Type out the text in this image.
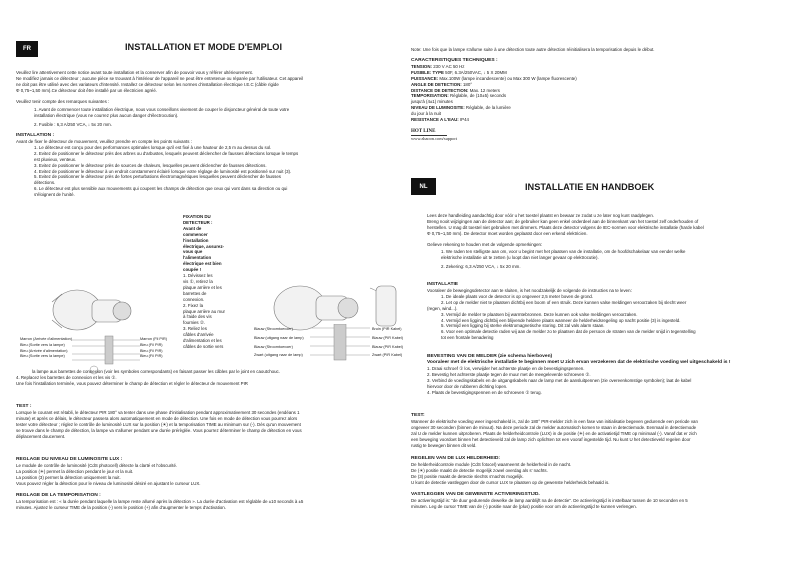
FR	INSTALLATION ET MODE D'EMPLOI
Veuillez lire attentivement cette notice avant toute installation et la conserver afin de pouvoir vous y référer ultérieurement.
Ne modifiez jamais ce détecteur ; aucune pièce se trouvant à l'intérieur de l'appareil ne peut être entretenue ou réparée par l'utilisateur. Cet appareil
ne doit pas être utilisé avec des variateurs d'intensité. Installez ce détecteur selon les normes d'installation électrique I.E.C (câble rigide
Φ 0,75~1,50 mm).Ce détecteur doit être installé par un électricien agréé.
Veuillez tenir compte des remarques suivantes :
1. Avant de commencer toute installation électrique, nous vous conseillons vivement de couper le disjoncteur général de toute votre
installation électrique (vous ne courrez plus aucun danger d'électrocution).
2. Fusible : 6,3 A/250 VCA, ↓ 5x 20 mm.
INSTALLATION :
Avant de fixer le détecteur de mouvement, veuillez prendre en compte les points suivants :
1. Le détecteur est conçu pour des performances optimales lorsque qu'il est fixé à une hauteur de 2,5 m au dessus du sol.
2. Evitez de positionner le détecteur près des arbres ou d'arbustes, lesquels peuvent déclencher de fausses détections lorsque le temps
est pluvieux, venteux.
3. Evitez de positionner le détecteur près de sources de chaleurs, lesquelles peuvent déclencher de fausses détections.
4. Evitez de positionner le détecteur à un endroit constamment éclairé lorsque votre réglage de luminosité est positionné sur nuit (3).
5. Evitez de positionner le détecteur près de fortes perturbations électromagnétiques lesquelles peuvent déclencher de fausses
détections.
6. Le détecteur est plus sensible aux mouvements qui coupent les champs de détection que ceux qui vont dans sa direction ou qui
s'éloignent de l'unité.
FIXATION DU
DETECTEUR :
Avant de
commencer
l'installation
électrique, assurez-
vous que
l'alimentation
électrique est bien
coupée !
1. Dévissez les
vis ①, retirez la
plaque arrière et les
barrettes de
connexion.
2. Fixez la
plaque arrière au mur
à l'aide des vis
fournies ②.
3. Reliez les
câbles d'arrivée
d'alimentation et les
câbles de sortie vers
Marron (Arrivée d'alimentation)
Bleu (Sortie vers la lampe)
Bleu (Arrivée d'alimentation)
Bleu (Sortie vers la lampe)
Marron (Fil PIR)
Bleu (Fil PIR)
Bleu (Fil PIR)
Bleu (Fil PIR)
Blauw (Stroomtoevoer)
Blauw (uitgang naar de lamp)
Blauw (Stroomtoevoer)
Zwart (uitgang naar de lamp)
Bruin (PIR Kabel)
Blauw (PIR Kabel)
Blauw (PIR Kabel)
Zwart (PIR Kabel)
la lampe aux barrettes de connexion (voir les symboles correspondants) en faisant passer les câbles par le joint en caoutchouc.
4. Replacez les barrettes de connexion et les vis ①.
Une fois l'installation terminée, vous pouvez déterminer le champ de détection et régler le détecteur de mouvement PIR
TEST :
Lorsque le courant est rétabli, le détecteur PIR 180° va tenter dans une phase d'initialisation pendant approximativement 30 secondes (endéans 1
minute) et après ce délais, le détecteur passera alors automatiquement en mode de détection. Une fois en mode de détection vous pourrez alors
tester votre détecteur ; réglez le contrôle de luminosité LUX sur la position (☀) et la temporisation TIME au minimum sur (-). Dès qu'un mouvement
se trouve dans le champ de détection, la lampe va s'allumer pendant une durée prérèglée. Vous pourrez déterminer le champ de détection en vous
déplacement doucement.
REGLAGE DU NIVEAU DE LUMINOSITE LUX :
Le module de contrôle de luminosité (CdS photocell) détecte la clarté et l'obscurité.
La position (☀) permet la détection pendant le jour et la nuit.
La position (3) permet la détection uniquement la nuit.
Vous pouvez régler la détection pour le niveau de luminosité désiré en ajustant le curseur LUX.
REGLAGE DE LA TEMPORISATION :
La temporisation est : « la durée pendant laquelle la lampe reste allumé après la détection ». La durée d'activation est réglable de ±10 seconds à ±5
minutes. Ajustez le curseur TIME de la position (-) vers le position (+) afin d'augmenter le temps d'activation.
Note: Une fois que la lampe s'allume suite à une détection toute autre détection réinitialisera la temporisation depuis le début.
CARACTERISTIQUES TECHNIQUES :
TENSION: 230 V AC 50 Hz
FUSIBLE: TYPE 50F, 6.3A/250VAC, ↓ 5 X 20MM
PUISSANCE: Max.100W (lampe incandescente) ou Max 300 W (lampe fluorescente)
ANGLE DE DETECTION: 180°
DISTANCE DE DETECTION: Max. 12 meters
TEMPORISATION: Réglable, de (10±5) seconds
jusqu'à (4±1) minutes
NIVEAU DE LUMINOSITE: Réglable, de la lumière
du jour à la nuit
RESISTANCE A L'EAU: IP44
HOT LINE
www.zhaoon.com/support
NL	INSTALLATIE EN HANDBOEK
Lees deze handleiding aandachtig door vóór u het toestel plaatst en bewaar ze zodat u ze later nog kunt raadplegen.
Breng nooit wijzigingen aan de detector aan; de gebruiker kan geen enkel onderdeel aan de binnenkant van het toestel zelf onderhouden of
herstellen. U mag dit toestel niet gebruiken met dimmers. Plaats deze detector volgens de IEC-normen voor elektrische installatie (harde kabel
Φ 0,75~1,50 mm). De detector moet worden geplaatst door een erkend elektricien.
Gelieve rekening te houden met de volgende opmerkingen:
1. We raden ten stelligste aan om, voor u begint met het plaatsen van de installatie, om de hoofdschakelaar van eender welke
elektrische installatie uit te zetten (u loopt dan niet langer gevaar op elektrocutie).
2. Zekering: 6,3 A/250 VCA, ↓ 5x 20 mm.
INSTALLATIE
Vooraleer de bewegingsdetector aan te sluiten, is het noodzakelijk de volgende de instructies na te leven:
1. De ideale plaats voor de detector is op ongeveer 2,5 meter boven de grond.
2. Let op de melder niet te plaatsen dichtbij een boom of een struik. Deze kunnen valse meldingen veroorzaken bij slecht weer
(regen, wind...).
3. Vermijd de melder te plaatsen bij warmtebronnen. Deze kunnen ook valse meldingen veroorzaken.
4. Vermijd een ligging dichtbij een blijvende heldere plaats wanneer de helderheidsregeling op nacht positie (3) is ingesteld.
5. Vermijd een ligging bij sterke elektromagnetische storing. Dit zal vals alarm staan.
6. Voor een optimale detectie raden wij aan de melder zo te plaatsen dat de persoon de straten van de melder snijd in tegenstelling
tot een frontale benadering
BEVESTING VAN DE MELDER (zie schema hierboven)
Vooraleer met de elektrische installatie te beginnen moet U zich ervan verzekeren dat de elektrische voeding wel uitgeschakeld is !
1. Draai schroef ① los, verwijder het achterste plaatje en de bevestigingspennen.
2. Bevestig het achterste plaatje tegen de muur met de meegeleverde schroeven ②.
3. Verbind de voedingskabels en de uitgangskabels naar de lamp met de aansluitpennen (zie overeenkomstige symbolen); laat de kabel
hiervoor door de rubberen dichting lopen.
4. Plaats de bevestigingspennen en de schroeven ① terug.
TEST:
Wanneer de elektrische voeding weer ingeschakeld is, zal de 180° PIR-melder zich in een fase van initialisatie begeven gedurende een periode van
ongeveer 30 seconden (binnen de minuut). Na deze periode zal de melder automatisch komen te staan in detectiemode. Eenmaal in detectiemode
zal U de melder kunnen uitproberen. Plaats de helderheidcontrole (LUX) in de positie (☀) en de activatietijd TIME op minimaal (-). Vanaf dat er zich
een beweging voordoet binnen het detectieveld zal de lamp zich oplichten tot een vooraf ingestelde tijd. Nu kunt U het detectieveld regelen door
rustig te bewegen binnen dit veld.
REGELEN VAN DE LUX HELDERHEID:
De helderheidcontrole module (CdS fotocel) waarneemt de helderheid in de nacht.
De (☀) positie maakt de detectie mogelijk zowel overdag als s' nachts.
De (3) positie maakt de detectie slechts s'nachts mogelijk.
U kunt de detectie vastleggen door de cursor LUX te plaatsen op de gewenste helderheids behaald is.
VASTLEGGEN VAN DE GEWENSTE ACTIVERINGSTIJD.
De activeringstijd is: "de duur gedurende dewelke de lamp aanblijft na de detectie". De activeringstijd is instelbaar tussen de 10 seconden en 5
minuten. Leg de cursor TIME van de (-) positie naar de (plus) positie voor om de activeringstijd te kunnen verlengen.
